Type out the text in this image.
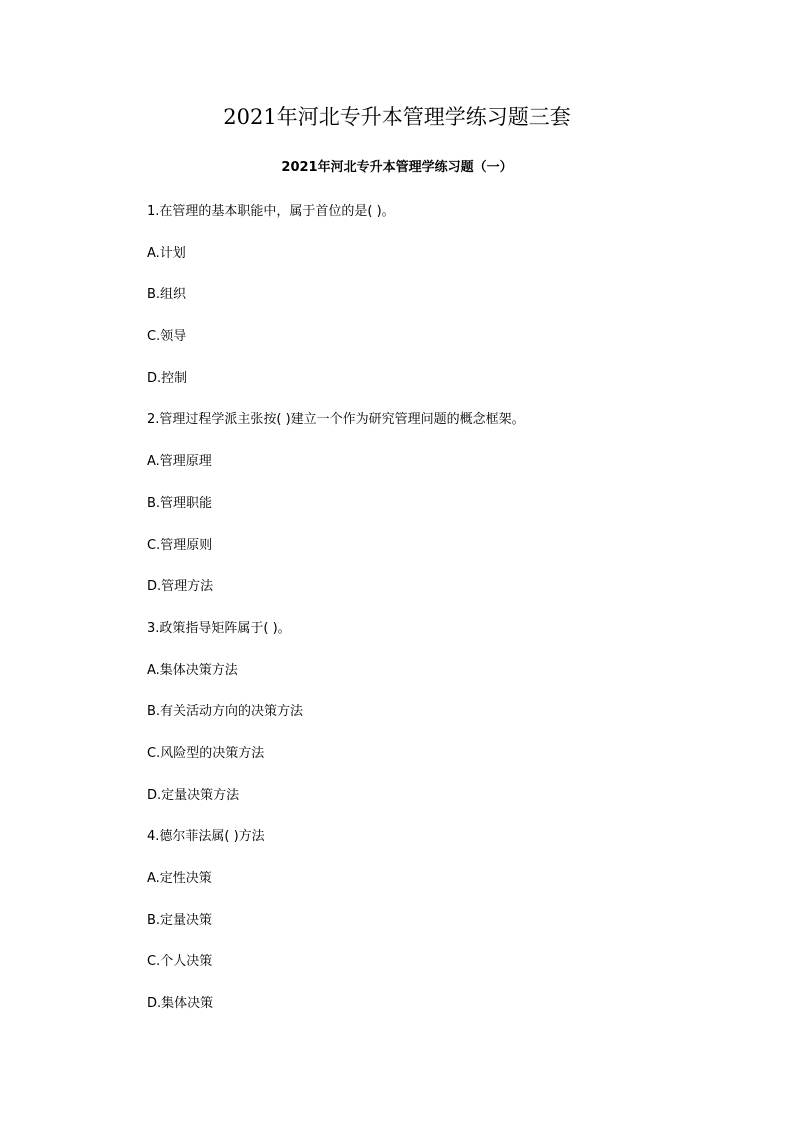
2021年河北专升本管理学练习题三套
2021年河北专升本管理学练习题（一）
1.在管理的基本职能中，属于首位的是( )。
A.计划
B.组织
C.领导
D.控制
2.管理过程学派主张按( )建立一个作为研究管理问题的概念框架。
A.管理原理
B.管理职能
C.管理原则
D.管理方法
3.政策指导矩阵属于( )。
A.集体决策方法
B.有关活动方向的决策方法
C.风险型的决策方法
D.定量决策方法
4.德尔菲法属( )方法
A.定性决策
B.定量决策
C.个人决策
D.集体决策
